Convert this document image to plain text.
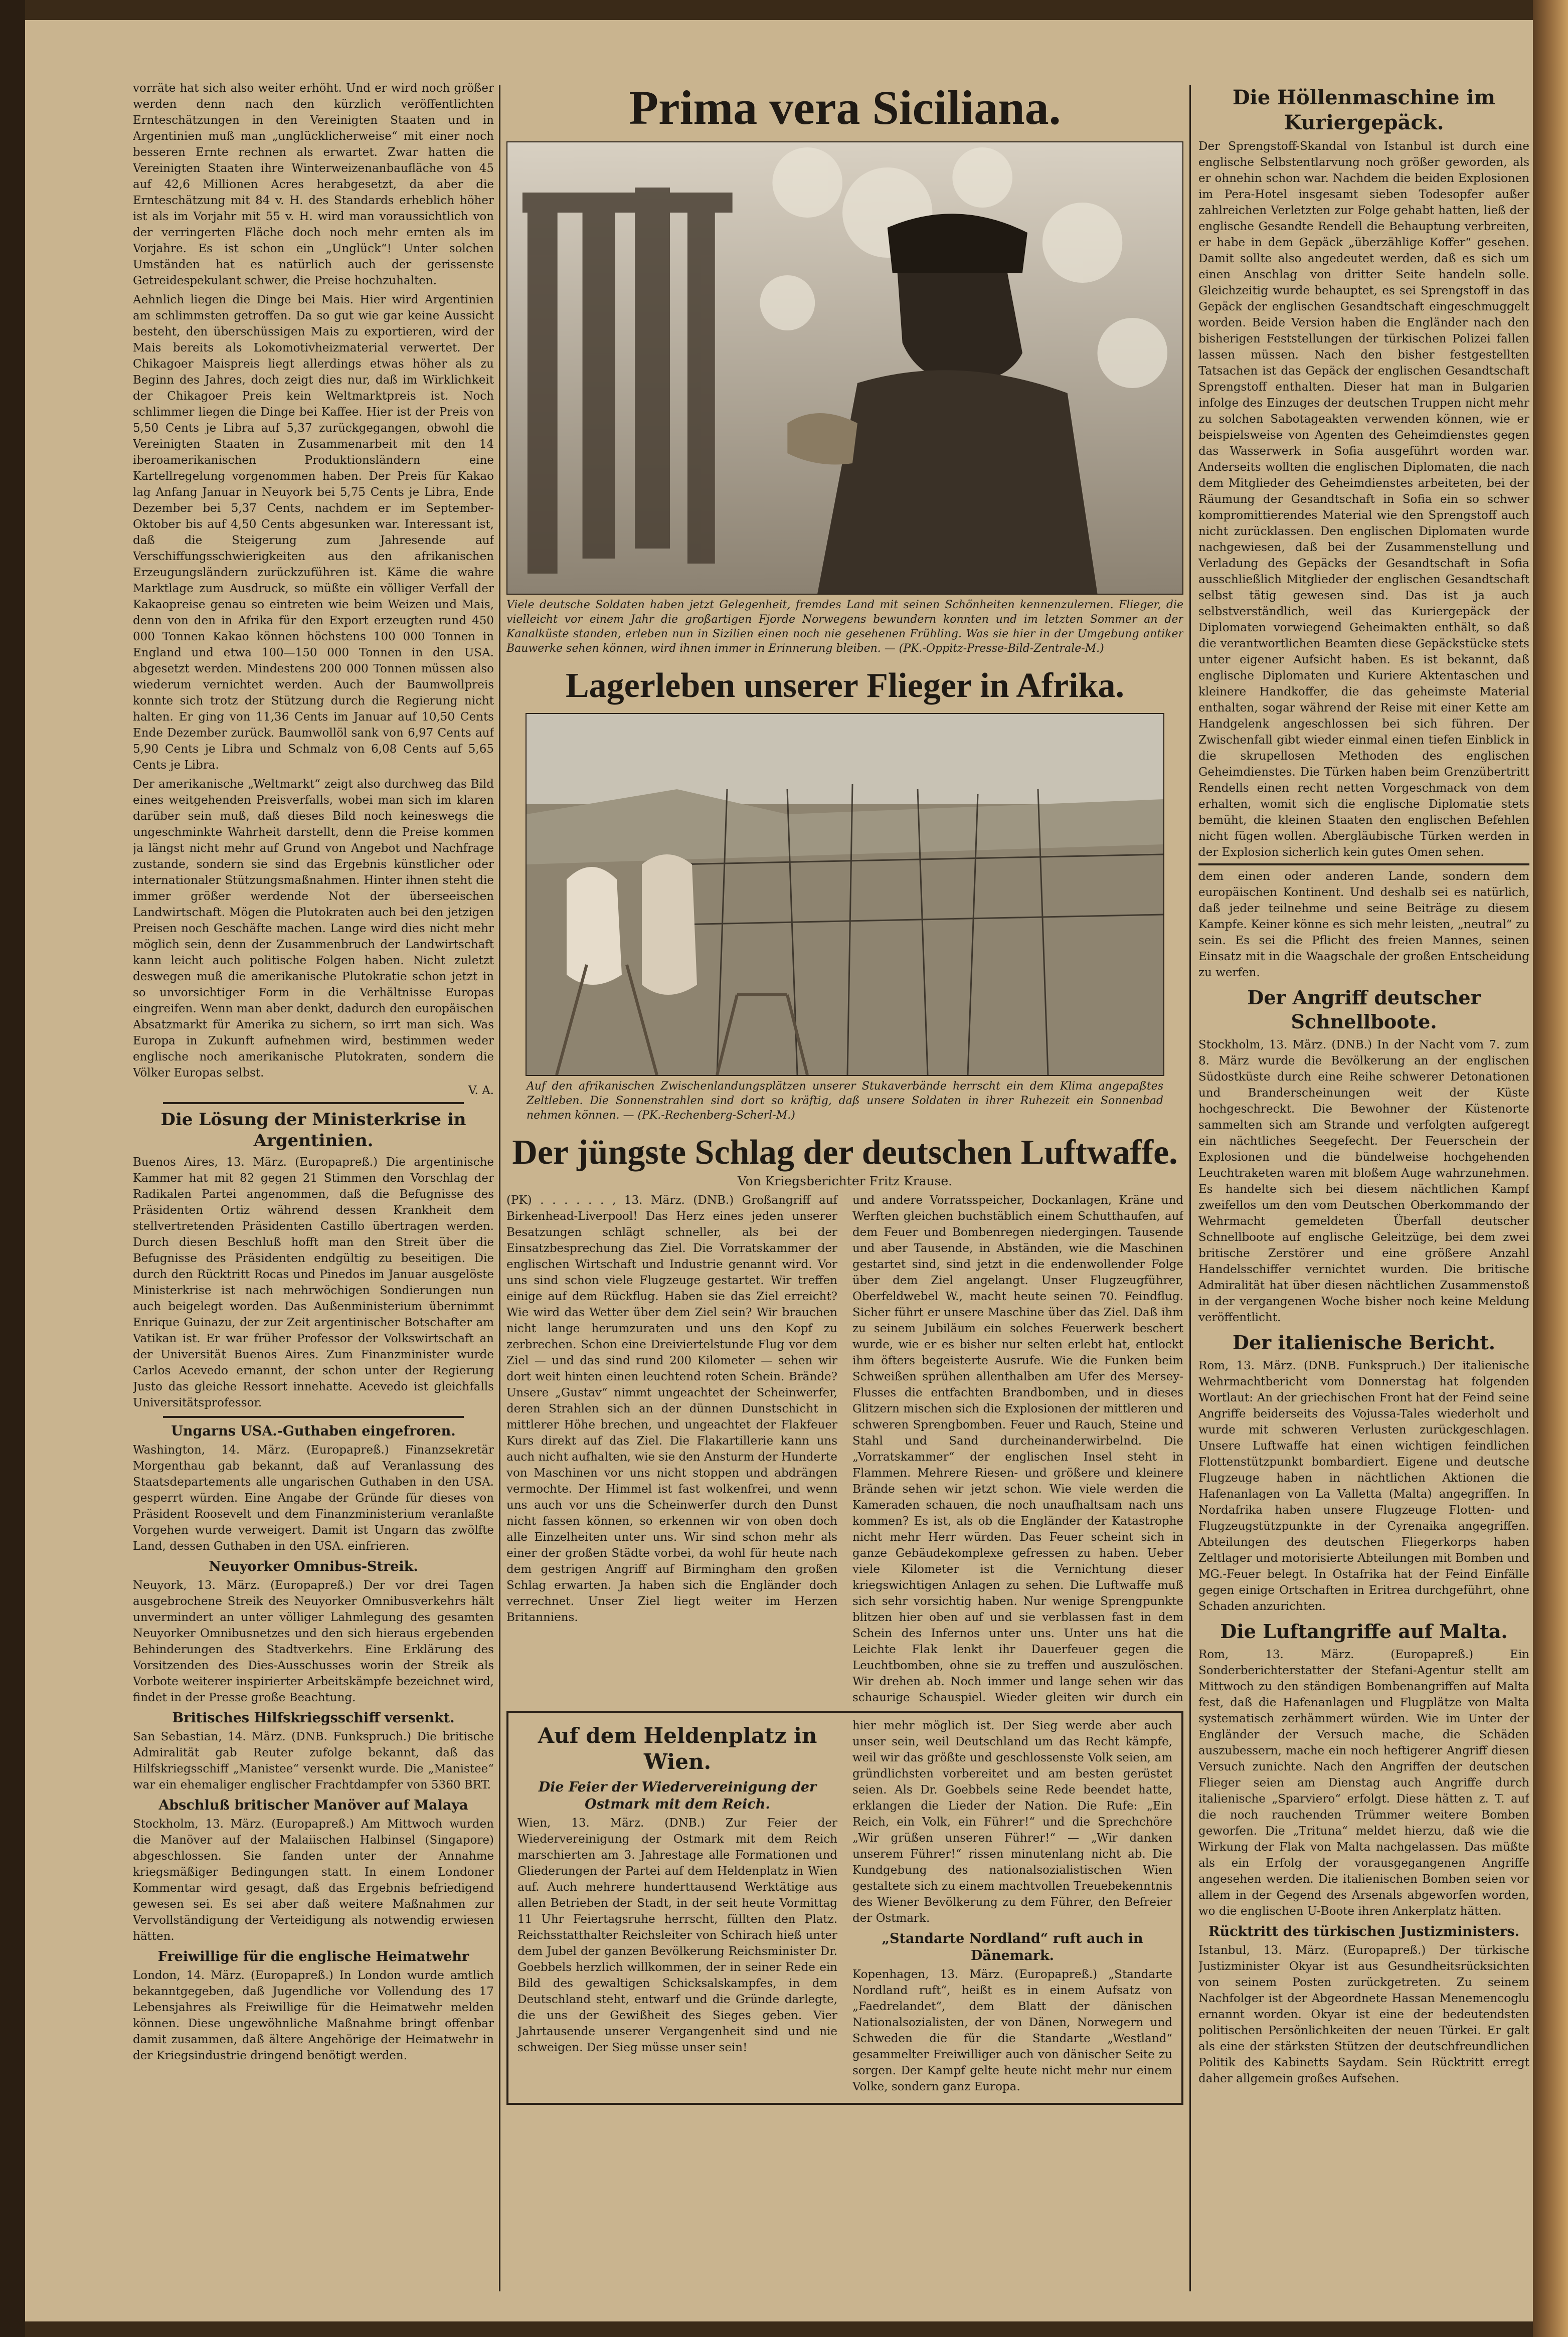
vorräte hat sich also weiter erhöht. Und er wird noch größer werden denn nach den kürzlich veröffentlichten Ernteschätzungen in den Vereinigten Staaten und in Argentinien muß man „unglücklicherweise“ mit einer noch besseren Ernte rechnen als erwartet. Zwar hatten die Vereinigten Staaten ihre Winterweizenanbaufläche von 45 auf 42,6 Millionen Acres herabgesetzt, da aber die Ernteschätzung mit 84 v. H. des Standards erheblich höher ist als im Vorjahr mit 55 v. H. wird man voraussichtlich von der verringerten Fläche doch noch mehr ernten als im Vorjahre. Es ist schon ein „Unglück“! Unter solchen Umständen hat es natürlich auch der gerissenste Getreidespekulant schwer, die Preise hochzuhalten.

Aehnlich liegen die Dinge bei Mais. Hier wird Argentinien am schlimmsten getroffen. Da so gut wie gar keine Aussicht besteht, den überschüssigen Mais zu exportieren, wird der Mais bereits als Lokomotivheizmaterial verwertet. Der Chikagoer Maispreis liegt allerdings etwas höher als zu Beginn des Jahres, doch zeigt dies nur, daß im Wirklichkeit der Chikagoer Preis kein Weltmarktpreis ist. Noch schlimmer liegen die Dinge bei Kaffee. Hier ist der Preis von 5,50 Cents je Libra auf 5,37 zurückgegangen, obwohl die Vereinigten Staaten in Zusammenarbeit mit den 14 iberoamerikanischen Produktionsländern eine Kartellregelung vorgenommen haben. Der Preis für Kakao lag Anfang Januar in Neuyork bei 5,75 Cents je Libra, Ende Dezember bei 5,37 Cents, nachdem er im September-Oktober bis auf 4,50 Cents abgesunken war. Interessant ist, daß die Steigerung zum Jahresende auf Verschiffungsschwierigkeiten aus den afrikanischen Erzeugungsländern zurückzuführen ist. Käme die wahre Marktlage zum Ausdruck, so müßte ein völliger Verfall der Kakaopreise genau so eintreten wie beim Weizen und Mais, denn von den in Afrika für den Export erzeugten rund 450 000 Tonnen Kakao können höchstens 100 000 Tonnen in England und etwa 100—150 000 Tonnen in den USA. abgesetzt werden. Mindestens 200 000 Tonnen müssen also wiederum vernichtet werden. Auch der Baumwollpreis konnte sich trotz der Stützung durch die Regierung nicht halten. Er ging von 11,36 Cents im Januar auf 10,50 Cents Ende Dezember zurück. Baumwollöl sank von 6,97 Cents auf 5,90 Cents je Libra und Schmalz von 6,08 Cents auf 5,65 Cents je Libra.

Der amerikanische „Weltmarkt“ zeigt also durchweg das Bild eines weitgehenden Preisverfalls, wobei man sich im klaren darüber sein muß, daß dieses Bild noch keineswegs die ungeschminkte Wahrheit darstellt, denn die Preise kommen ja längst nicht mehr auf Grund von Angebot und Nachfrage zustande, sondern sie sind das Ergebnis künstlicher oder internationaler Stützungsmaßnahmen. Hinter ihnen steht die immer größer werdende Not der überseeischen Landwirtschaft. Mögen die Plutokraten auch bei den jetzigen Preisen noch Geschäfte machen. Lange wird dies nicht mehr möglich sein, denn der Zusammenbruch der Landwirtschaft kann leicht auch politische Folgen haben. Nicht zuletzt deswegen muß die amerikanische Plutokratie schon jetzt in so unvorsichtiger Form in die Verhältnisse Europas eingreifen. Wenn man aber denkt, dadurch den europäischen Absatzmarkt für Amerika zu sichern, so irrt man sich. Was Europa in Zukunft aufnehmen wird, bestimmen weder englische noch amerikanische Plutokraten, sondern die Völker Europas selbst.

V. A.
Die Lösung der Ministerkrise in Argentinien.

Buenos Aires, 13. März. (Europapreß.) Die argentinische Kammer hat mit 82 gegen 21 Stimmen den Vorschlag der Radikalen Partei angenommen, daß die Befugnisse des Präsidenten Ortiz während dessen Krankheit dem stellvertretenden Präsidenten Castillo übertragen werden. Durch diesen Beschluß hofft man den Streit über die Befugnisse des Präsidenten endgültig zu beseitigen. Die durch den Rücktritt Rocas und Pinedos im Januar ausgelöste Ministerkrise ist nach mehrwöchigen Sondierungen nun auch beigelegt worden. Das Außenministerium übernimmt Enrique Guinazu, der zur Zeit argentinischer Botschafter am Vatikan ist. Er war früher Professor der Volkswirtschaft an der Universität Buenos Aires. Zum Finanzminister wurde Carlos Acevedo ernannt, der schon unter der Regierung Justo das gleiche Ressort innehatte. Acevedo ist gleichfalls Universitätsprofessor.

Ungarns USA.-Guthaben eingefroren.

Washington, 14. März. (Europapreß.) Finanzsekretär Morgenthau gab bekannt, daß auf Veranlassung des Staatsdepartements alle ungarischen Guthaben in den USA. gesperrt würden. Eine Angabe der Gründe für dieses von Präsident Roosevelt und dem Finanzministerium veranlaßte Vorgehen wurde verweigert. Damit ist Ungarn das zwölfte Land, dessen Guthaben in den USA. einfrieren.

Neuyorker Omnibus-Streik.

Neuyork, 13. März. (Europapreß.) Der vor drei Tagen ausgebrochene Streik des Neuyorker Omnibusverkehrs hält unvermindert an unter völliger Lahmlegung des gesamten Neuyorker Omnibusnetzes und den sich hieraus ergebenden Behinderungen des Stadtverkehrs. Eine Erklärung des Vorsitzenden des Dies-Ausschusses worin der Streik als Vorbote weiterer inspirierter Arbeitskämpfe bezeichnet wird, findet in der Presse große Beachtung.

Britisches Hilfskriegsschiff versenkt.

San Sebastian, 14. März. (DNB. Funkspruch.) Die britische Admiralität gab Reuter zufolge bekannt, daß das Hilfskriegsschiff „Manistee“ versenkt wurde. Die „Manistee“ war ein ehemaliger englischer Frachtdampfer von 5360 BRT.

Abschluß britischer Manöver auf Malaya

Stockholm, 13. März. (Europapreß.) Am Mittwoch wurden die Manöver auf der Malaiischen Halbinsel (Singapore) abgeschlossen. Sie fanden unter der Annahme kriegsmäßiger Bedingungen statt. In einem Londoner Kommentar wird gesagt, daß das Ergebnis befriedigend gewesen sei. Es sei aber daß weitere Maßnahmen zur Vervollständigung der Verteidigung als notwendig erwiesen hätten.

Freiwillige für die englische Heimatwehr

London, 14. März. (Europapreß.) In London wurde amtlich bekanntgegeben, daß Jugendliche vor Vollendung des 17 Lebensjahres als Freiwillige für die Heimatwehr melden können. Diese ungewöhnliche Maßnahme bringt offenbar damit zusammen, daß ältere Angehörige der Heimatwehr in der Kriegsindustrie dringend benötigt werden.

Prima vera Siciliana.
Viele deutsche Soldaten haben jetzt Gelegenheit, fremdes Land mit seinen Schönheiten kennenzulernen. Flieger, die vielleicht vor einem Jahr die großartigen Fjorde Norwegens bewundern konnten und im letzten Sommer an der Kanalküste standen, erleben nun in Sizilien einen noch nie gesehenen Frühling. Was sie hier in der Umgebung antiker Bauwerke sehen können, wird ihnen immer in Erinnerung bleiben. — (PK.-Oppitz-Presse-Bild-Zentrale-M.)
Lagerleben unserer Flieger in Afrika.
Auf den afrikanischen Zwischenlandungsplätzen unserer Stukaverbände herrscht ein dem Klima angepaßtes Zeltleben. Die Sonnenstrahlen sind dort so kräftig, daß unsere Soldaten in ihrer Ruhezeit ein Sonnenbad nehmen können. — (PK.-Rechenberg-Scherl-M.)
Der jüngste Schlag der deutschen Luftwaffe.
Von Kriegsberichter Fritz Krause.

(PK) . . . . . . , 13. März. (DNB.) Großangriff auf Birkenhead-Liverpool! Das Herz eines jeden unserer Besatzungen schlägt schneller, als bei der Einsatzbesprechung das Ziel. Die Vorratskammer der englischen Wirtschaft und Industrie genannt wird. Vor uns sind schon viele Flugzeuge gestartet. Wir treffen einige auf dem Rückflug. Haben sie das Ziel erreicht? Wie wird das Wetter über dem Ziel sein? Wir brauchen nicht lange herumzuraten und uns den Kopf zu zerbrechen. Schon eine Dreiviertelstunde Flug vor dem Ziel — und das sind rund 200 Kilometer — sehen wir dort weit hinten einen leuchtend roten Schein. Brände? Unsere „Gustav“ nimmt ungeachtet der Scheinwerfer, deren Strahlen sich an der dünnen Dunstschicht in mittlerer Höhe brechen, und ungeachtet der Flakfeuer Kurs direkt auf das Ziel. Die Flakartillerie kann uns auch nicht aufhalten, wie sie den Ansturm der Hunderte von Maschinen vor uns nicht stoppen und abdrängen vermochte. Der Himmel ist fast wolkenfrei, und wenn uns auch vor uns die Scheinwerfer durch den Dunst nicht fassen können, so erkennen wir von oben doch alle Einzelheiten unter uns. Wir sind schon mehr als einer der großen Städte vorbei, da wohl für heute nach dem gestrigen Angriff auf Birmingham den großen Schlag erwarten. Ja haben sich die Engländer doch verrechnet. Unser Ziel liegt weiter im Herzen Britanniens.

und andere Vorratsspeicher, Dockanlagen, Kräne und Werften gleichen buchstäblich einem Schutthaufen, auf dem Feuer und Bombenregen niedergingen. Tausende und aber Tausende, in Abständen, wie die Maschinen gestartet sind, sind jetzt in die endenwollender Folge über dem Ziel angelangt. Unser Flugzeugführer, Oberfeldwebel W., macht heute seinen 70. Feindflug. Sicher führt er unsere Maschine über das Ziel. Daß ihm zu seinem Jubiläum ein solches Feuerwerk beschert wurde, wie er es bisher nur selten erlebt hat, entlockt ihm öfters begeisterte Ausrufe. Wie die Funken beim Schweißen sprühen allenthalben am Ufer des Mersey-Flusses die entfachten Brandbomben, und in dieses Glitzern mischen sich die Explosionen der mittleren und schweren Sprengbomben. Feuer und Rauch, Steine und Stahl und Sand durcheinanderwirbelnd. Die „Vorratskammer“ der englischen Insel steht in Flammen. Mehrere Riesen- und größere und kleinere Brände sehen wir jetzt schon. Wie viele werden die Kameraden schauen, die noch unaufhaltsam nach uns kommen? Es ist, als ob die Engländer der Katastrophe nicht mehr Herr würden. Das Feuer scheint sich in ganze Gebäudekomplexe gefressen zu haben. Ueber viele Kilometer ist die Vernichtung dieser kriegswichtigen Anlagen zu sehen. Die Luftwaffe muß sich sehr vorsichtig haben. Nur wenige Sprengpunkte blitzen hier oben auf und sie verblassen fast in dem Schein des Infernos unter uns. Unter uns hat die Leichte Flak lenkt ihr Dauerfeuer gegen die Leuchtbomben, ohne sie zu treffen und auszulöschen. Wir drehen ab. Noch immer und lange sehen wir das schaurige Schauspiel. Wieder gleiten wir durch ein

Auf dem Heldenplatz in Wien.
Die Feier der Wiedervereinigung der Ostmark mit dem Reich.

Wien, 13. März. (DNB.) Zur Feier der Wiedervereinigung der Ostmark mit dem Reich marschierten am 3. Jahrestage alle Formationen und Gliederungen der Partei auf dem Heldenplatz in Wien auf. Auch mehrere hunderttausend Werktätige aus allen Betrieben der Stadt, in der seit heute Vormittag 11 Uhr Feiertagsruhe herrscht, füllten den Platz. Reichsstatthalter Reichsleiter von Schirach hieß unter dem Jubel der ganzen Bevölkerung Reichsminister Dr. Goebbels herzlich willkommen, der in seiner Rede ein Bild des gewaltigen Schicksalskampfes, in dem Deutschland steht, entwarf und die Gründe darlegte, die uns der Gewißheit des Sieges geben. Vier Jahrtausende unserer Vergangenheit sind und nie schweigen. Der Sieg müsse unser sein!

hier mehr möglich ist. Der Sieg werde aber auch unser sein, weil Deutschland um das Recht kämpfe, weil wir das größte und geschlossenste Volk seien, am gründlichsten vorbereitet und am besten gerüstet seien. Als Dr. Goebbels seine Rede beendet hatte, erklangen die Lieder der Nation. Die Rufe: „Ein Reich, ein Volk, ein Führer!“ und die Sprechchöre „Wir grüßen unseren Führer!“ — „Wir danken unserem Führer!“ rissen minutenlang nicht ab. Die Kundgebung des nationalsozialistischen Wien gestaltete sich zu einem machtvollen Treuebekenntnis des Wiener Bevölkerung zu dem Führer, den Befreier der Ostmark.

„Standarte Nordland“ ruft auch in Dänemark.

Kopenhagen, 13. März. (Europapreß.) „Standarte Nordland ruft“, heißt es in einem Aufsatz von „Faedrelandet“, dem Blatt der dänischen Nationalsozialisten, der von Dänen, Norwegern und Schweden die für die Standarte „Westland“ gesammelter Freiwilliger auch von dänischer Seite zu sorgen. Der Kampf gelte heute nicht mehr nur einem Volke, sondern ganz Europa.

Die Höllenmaschine im Kuriergepäck.

Der Sprengstoff-Skandal von Istanbul ist durch eine englische Selbstentlarvung noch größer geworden, als er ohnehin schon war. Nachdem die beiden Explosionen im Pera-Hotel insgesamt sieben Todesopfer außer zahlreichen Verletzten zur Folge gehabt hatten, ließ der englische Gesandte Rendell die Behauptung verbreiten, er habe in dem Gepäck „überzählige Koffer“ gesehen. Damit sollte also angedeutet werden, daß es sich um einen Anschlag von dritter Seite handeln solle. Gleichzeitig wurde behauptet, es sei Sprengstoff in das Gepäck der englischen Gesandtschaft eingeschmuggelt worden. Beide Version haben die Engländer nach den bisherigen Feststellungen der türkischen Polizei fallen lassen müssen. Nach den bisher festgestellten Tatsachen ist das Gepäck der englischen Gesandtschaft Sprengstoff enthalten. Dieser hat man in Bulgarien infolge des Einzuges der deutschen Truppen nicht mehr zu solchen Sabotageakten verwenden können, wie er beispielsweise von Agenten des Geheimdienstes gegen das Wasserwerk in Sofia ausgeführt worden war. Anderseits wollten die englischen Diplomaten, die nach dem Mitglieder des Geheimdienstes arbeiteten, bei der Räumung der Gesandtschaft in Sofia ein so schwer kompromittierendes Material wie den Sprengstoff auch nicht zurücklassen. Den englischen Diplomaten wurde nachgewiesen, daß bei der Zusammenstellung und Verladung des Gepäcks der Gesandtschaft in Sofia ausschließlich Mitglieder der englischen Gesandtschaft selbst tätig gewesen sind. Das ist ja auch selbstverständlich, weil das Kuriergepäck der Diplomaten vorwiegend Geheimakten enthält, so daß die verantwortlichen Beamten diese Gepäckstücke stets unter eigener Aufsicht haben. Es ist bekannt, daß englische Diplomaten und Kuriere Aktentaschen und kleinere Handkoffer, die das geheimste Material enthalten, sogar während der Reise mit einer Kette am Handgelenk angeschlossen bei sich führen. Der Zwischenfall gibt wieder einmal einen tiefen Einblick in die skrupellosen Methoden des englischen Geheimdienstes. Die Türken haben beim Grenzübertritt Rendells einen recht netten Vorgeschmack von dem erhalten, womit sich die englische Diplomatie stets bemüht, die kleinen Staaten den englischen Befehlen nicht fügen wollen. Abergläubische Türken werden in der Explosion sicherlich kein gutes Omen sehen.

dem einen oder anderen Lande, sondern dem europäischen Kontinent. Und deshalb sei es natürlich, daß jeder teilnehme und seine Beiträge zu diesem Kampfe. Keiner könne es sich mehr leisten, „neutral“ zu sein. Es sei die Pflicht des freien Mannes, seinen Einsatz mit in die Waagschale der großen Entscheidung zu werfen.

Der Angriff deutscher Schnellboote.

Stockholm, 13. März. (DNB.) In der Nacht vom 7. zum 8. März wurde die Bevölkerung an der englischen Südostküste durch eine Reihe schwerer Detonationen und Branderscheinungen weit der Küste hochgeschreckt. Die Bewohner der Küstenorte sammelten sich am Strande und verfolgten aufgeregt ein nächtliches Seegefecht. Der Feuerschein der Explosionen und die bündelweise hochgehenden Leuchtraketen waren mit bloßem Auge wahrzunehmen. Es handelte sich bei diesem nächtlichen Kampf zweifellos um den vom Deutschen Oberkommando der Wehrmacht gemeldeten Überfall deutscher Schnellboote auf englische Geleitzüge, bei dem zwei britische Zerstörer und eine größere Anzahl Handelsschiffer vernichtet wurden. Die britische Admiralität hat über diesen nächtlichen Zusammenstoß in der vergangenen Woche bisher noch keine Meldung veröffentlicht.

Der italienische Bericht.

Rom, 13. März. (DNB. Funkspruch.) Der italienische Wehrmachtbericht vom Donnerstag hat folgenden Wortlaut: An der griechischen Front hat der Feind seine Angriffe beiderseits des Vojussa-Tales wiederholt und wurde mit schweren Verlusten zurückgeschlagen. Unsere Luftwaffe hat einen wichtigen feindlichen Flottenstützpunkt bombardiert. Eigene und deutsche Flugzeuge haben in nächtlichen Aktionen die Hafenanlagen von La Valletta (Malta) angegriffen. In Nordafrika haben unsere Flugzeuge Flotten- und Flugzeugstützpunkte in der Cyrenaika angegriffen. Abteilungen des deutschen Fliegerkorps haben Zeltlager und motorisierte Abteilungen mit Bomben und MG.-Feuer belegt. In Ostafrika hat der Feind Einfälle gegen einige Ortschaften in Eritrea durchgeführt, ohne Schaden anzurichten.

Die Luftangriffe auf Malta.

Rom, 13. März. (Europapreß.) Ein Sonderberichterstatter der Stefani-Agentur stellt am Mittwoch zu den ständigen Bombenangriffen auf Malta fest, daß die Hafenanlagen und Flugplätze von Malta systematisch zerhämmert würden. Wie im Unter der Engländer der Versuch mache, die Schäden auszubessern, mache ein noch heftigerer Angriff diesen Versuch zunichte. Nach den Angriffen der deutschen Flieger seien am Dienstag auch Angriffe durch italienische „Sparviero“ erfolgt. Diese hätten z. T. auf die noch rauchenden Trümmer weitere Bomben geworfen. Die „Trituna“ meldet hierzu, daß wie die Wirkung der Flak von Malta nachgelassen. Das müßte als ein Erfolg der vorausgegangenen Angriffe angesehen werden. Die italienischen Bomben seien vor allem in der Gegend des Arsenals abgeworfen worden, wo die englischen U-Boote ihren Ankerplatz hätten.

Rücktritt des türkischen Justizministers.

Istanbul, 13. März. (Europapreß.) Der türkische Justizminister Okyar ist aus Gesundheitsrücksichten von seinem Posten zurückgetreten. Zu seinem Nachfolger ist der Abgeordnete Hassan Menemencoglu ernannt worden. Okyar ist eine der bedeutendsten politischen Persönlichkeiten der neuen Türkei. Er galt als eine der stärksten Stützen der deutschfreundlichen Politik des Kabinetts Saydam. Sein Rücktritt erregt daher allgemein großes Aufsehen.
